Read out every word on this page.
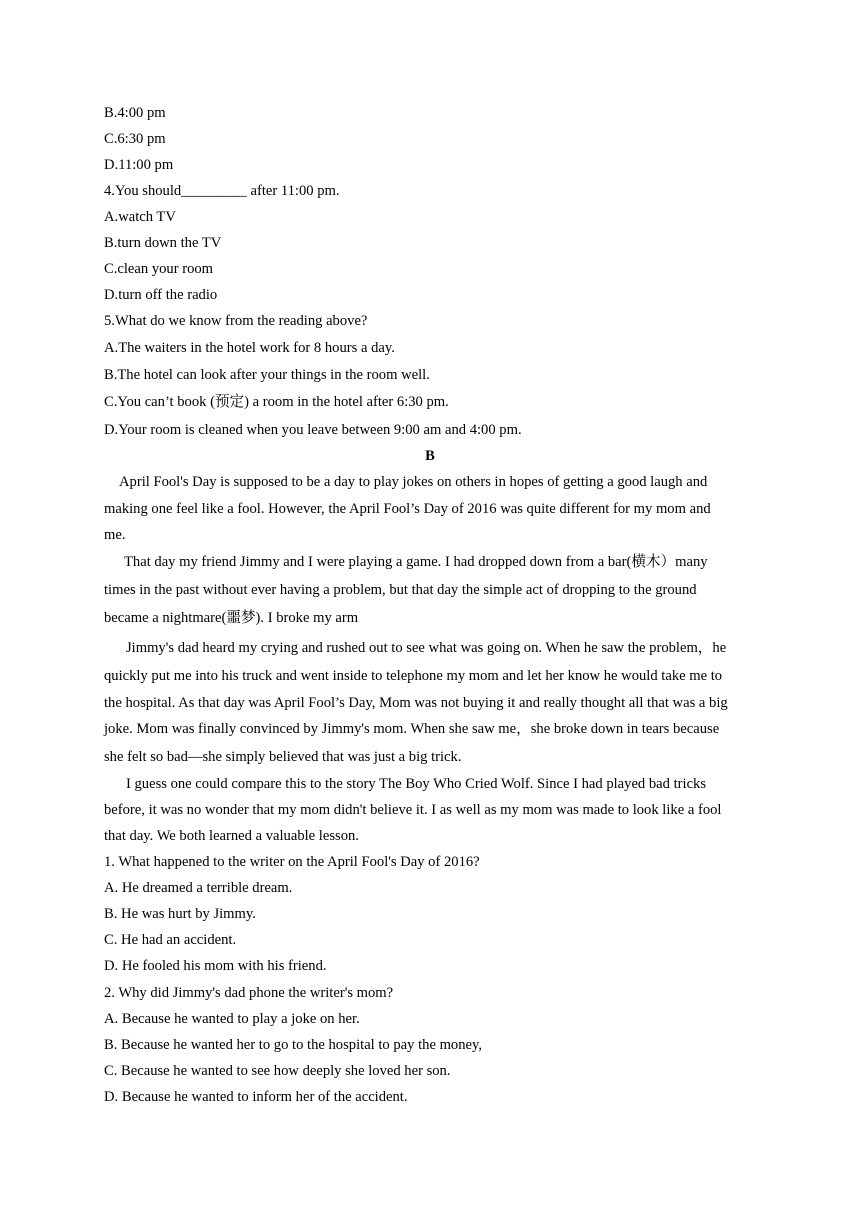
B.4:00 pm
C.6:30 pm
D.11:00 pm
4.You should_________ after 11:00 pm.
A.watch TV
B.turn down the TV
C.clean your room
D.turn off the radio
5.What do we know from the reading above?
A.The waiters in the hotel work for 8 hours a day.
B.The hotel can look after your things in the room well.
C.You can’t book (预定) a room in the hotel after 6:30 pm.
D.Your room is cleaned when you leave between 9:00 am and 4:00 pm.
B
April Fool's Day is supposed to be a day to play jokes on others in hopes of getting a good laugh and
making one feel like a fool. However, the April Fool’s Day of 2016 was quite different for my mom and
me.
That day my friend Jimmy and I were playing a game. I had dropped down from a bar(横木）many
times in the past without ever having a problem, but that day the simple act of dropping to the ground
became a nightmare(噩梦). I broke my arm
Jimmy's dad heard my crying and rushed out to see what was going on. When he saw the problem，he
quickly put me into his truck and went inside to telephone my mom and let her know he would take me to
the hospital. As that day was April Fool’s Day, Mom was not buying it and really thought all that was a big
joke. Mom was finally convinced by Jimmy's mom. When she saw me，she broke down in tears because
she felt so bad—she simply believed that was just a big trick.
I guess one could compare this to the story The Boy Who Cried Wolf. Since I had played bad tricks
before, it was no wonder that my mom didn't believe it. I as well as my mom was made to look like a fool
that day. We both learned a valuable lesson.
1. What happened to the writer on the April Fool's Day of 2016?
A. He dreamed a terrible dream.
B. He was hurt by Jimmy.
C. He had an accident.
D. He fooled his mom with his friend.
2. Why did Jimmy's dad phone the writer's mom?
A. Because he wanted to play a joke on her.
B. Because he wanted her to go to the hospital to pay the money,
C. Because he wanted to see how deeply she loved her son.
D. Because he wanted to inform her of the accident.
